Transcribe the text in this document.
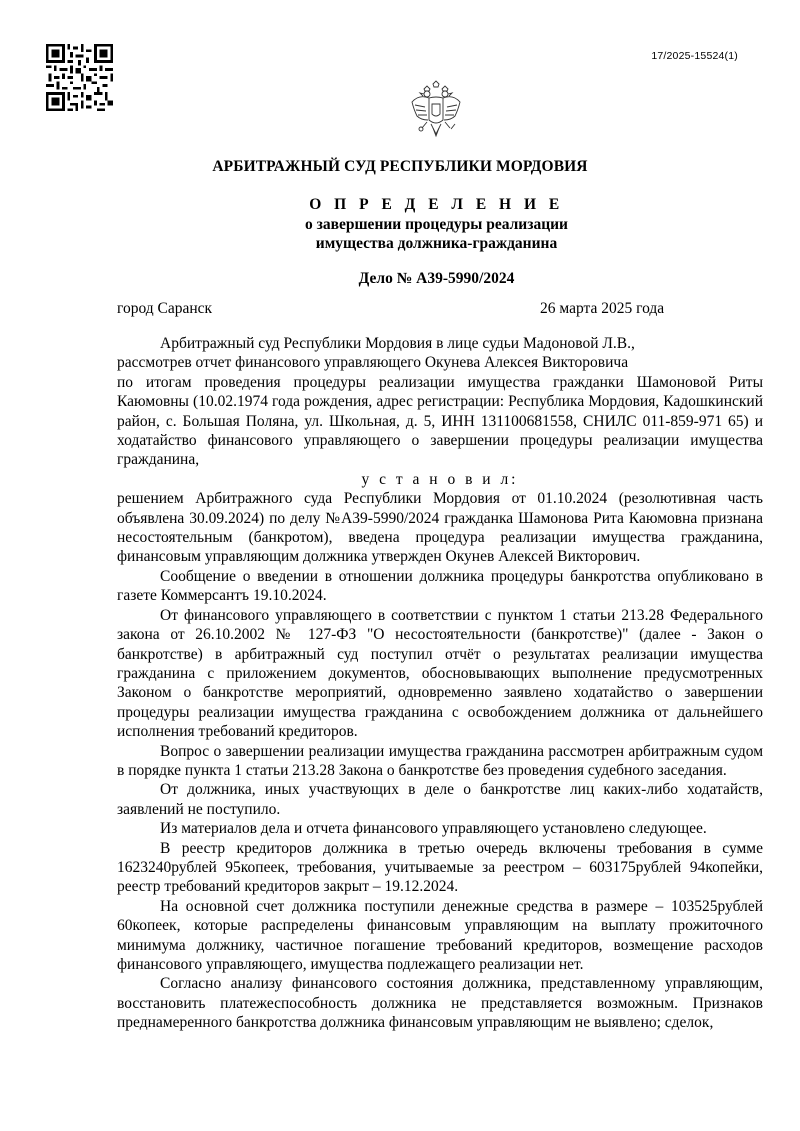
17/2025-15524(1)
АРБИТРАЖНЫЙ СУД РЕСПУБЛИКИ МОРДОВИЯ
О П Р Е Д Е Л Е Н И Е
о завершении процедуры реализации
имущества должника-гражданина
Дело № А39-5990/2024
город Саранск	26 марта 2025 года

Арбитражный суд Республики Мордовия в лице судьи Мадоновой Л.В.,

рассмотрев отчет финансового управляющего Окунева Алексея Викторовича

по итогам проведения процедуры реализации имущества гражданки Шамоновой Риты Каюмовны (10.02.1974 года рождения, адрес регистрации: Республика Мордовия, Кадошкинский район, с. Большая Поляна, ул. Школьная, д. 5, ИНН 131100681558, СНИЛС 011-859-971 65) и ходатайство финансового управляющего о завершении процедуры реализации имущества гражданина,

у с т а н о в и л:

решением Арбитражного суда Республики Мордовия от 01.10.2024 (резолютивная часть объявлена 30.09.2024) по делу №А39-5990/2024 гражданка Шамонова Рита Каюмовна признана несостоятельным (банкротом), введена процедура реализации имущества гражданина, финансовым управляющим должника утвержден Окунев Алексей Викторович.

Сообщение о введении в отношении должника процедуры банкротства опубликовано в газете Коммерсантъ 19.10.2024.

От финансового управляющего в соответствии с пунктом 1 статьи 213.28 Федерального закона от 26.10.2002 № 127-ФЗ "О несостоятельности (банкротстве)" (далее - Закон о банкротстве) в арбитражный суд поступил отчёт о результатах реализации имущества гражданина с приложением документов, обосновывающих выполнение предусмотренных Законом о банкротстве мероприятий, одновременно заявлено ходатайство о завершении процедуры реализации имущества гражданина с освобождением должника от дальнейшего исполнения требований кредиторов.

Вопрос о завершении реализации имущества гражданина рассмотрен арбитражным судом в порядке пункта 1 статьи 213.28 Закона о банкротстве без проведения судебного заседания.

От должника, иных участвующих в деле о банкротстве лиц каких-либо ходатайств, заявлений не поступило.

Из материалов дела и отчета финансового управляющего установлено следующее.

В реестр кредиторов должника в третью очередь включены требования в сумме 1623240рублей 95копеек, требования, учитываемые за реестром – 603175рублей 94копейки, реестр требований кредиторов закрыт – 19.12.2024.

На основной счет должника поступили денежные средства в размере – 103525рублей 60копеек, которые распределены финансовым управляющим на выплату прожиточного минимума должнику, частичное погашение требований кредиторов, возмещение расходов финансового управляющего, имущества подлежащего реализации нет.

Согласно анализу финансового состояния должника, представленному управляющим, восстановить платежеспособность должника не представляется возможным. Признаков преднамеренного банкротства должника финансовым управляющим не выявлено; сделок,
